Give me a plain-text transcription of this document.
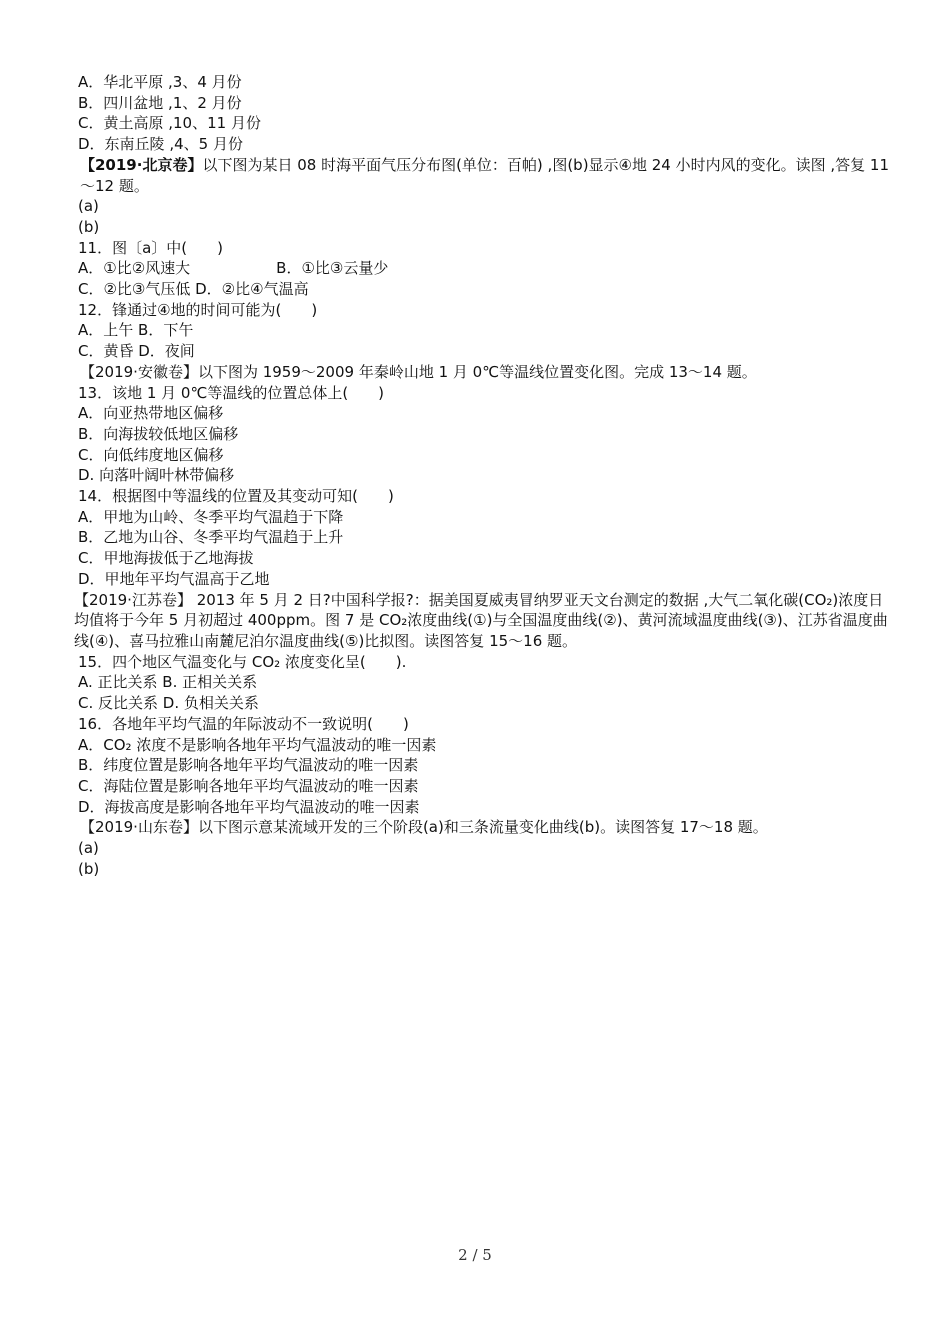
A．华北平原 ,3、4 月份
B．四川盆地 ,1、2 月份
C．黄土高原 ,10、11 月份
D．东南丘陵 ,4、5 月份
【2019·北京卷】以下图为某日 08 时海平面气压分布图(单位：百帕) ,图(b)显示④地 24 小时内风的变化。读图 ,答复 11～12 题。
(a)
(b)
11．图〔a〕中(　　)
A．①比②风速大	B．①比③云量少
C．②比③气压低 D．②比④气温高
12．锋通过④地的时间可能为(　　)
A．上午 B．下午
C．黄昏 D．夜间
【2019·安徽卷】以下图为 1959～2009 年秦岭山地 1 月 0℃等温线位置变化图。完成 13～14 题。
13．该地 1 月 0℃等温线的位置总体上(　　)
A．向亚热带地区偏移
B．向海拔较低地区偏移
C．向低纬度地区偏移
D. 向落叶阔叶林带偏移
14．根据图中等温线的位置及其变动可知(　　)
A．甲地为山岭、冬季平均气温趋于下降
B．乙地为山谷、冬季平均气温趋于上升
C．甲地海拔低于乙地海拔
D．甲地年平均气温高于乙地
【2019·江苏卷】 2013 年 5 月 2 日?中国科学报?：据美国夏威夷冒纳罗亚天文台测定的数据 ,大气二氧化碳(CO₂)浓度日均值将于今年 5 月初超过 400ppm。图 7 是 CO₂浓度曲线(①)与全国温度曲线(②)、黄河流域温度曲线(③)、江苏省温度曲线(④)、喜马拉雅山南麓尼泊尔温度曲线(⑤)比拟图。读图答复 15～16 题。
15．四个地区气温变化与 CO₂ 浓度变化呈(　　).
A. 正比关系 B. 正相关关系
C. 反比关系 D. 负相关关系
16．各地年平均气温的年际波动不一致说明(　　)
A．CO₂ 浓度不是影响各地年平均气温波动的唯一因素
B．纬度位置是影响各地年平均气温波动的唯一因素
C．海陆位置是影响各地年平均气温波动的唯一因素
D．海拔高度是影响各地年平均气温波动的唯一因素
【2019·山东卷】以下图示意某流域开发的三个阶段(a)和三条流量变化曲线(b)。读图答复 17～18 题。
(a)
(b)
2 / 5
